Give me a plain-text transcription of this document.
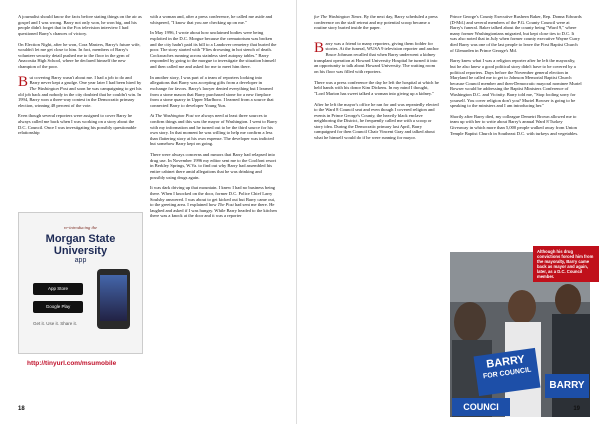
A journalist should know the facts before stating things on the air as gospel and I was wrong. Barry not only won, he won big, and his people didn't forget that in the Fox television interview I had questioned Barry's chances of victory.

On Election Night, after he won, Cora Masters, Barry's future wife, wouldn't let me get close to him. In fact, members of Barry's volunteer security detail pushed me to the floor in the gym of Anacostia High School, where he declared himself the new champion of the poor.

But covering Barry wasn't about me. I had a job to do and Barry never kept a grudge. One year later I had been hired by The Washington Post and soon he was campaigning to get his old job back and nobody in the city doubted that he couldn't win. In 1994, Barry won a three-way contest in the Democratic primary election, winning 48 percent of the vote.

Even though several reporters were assigned to cover Barry he always called me back when I was working on a story about the D.C. Council. Once I was investigating his possibly questionable relationship

re-introducing the
Morgan State University
app
App Store
Google Play
Get it. Use it. Share it.
http://tinyurl.com/msumobile

with a woman and, after a press conference, he called me aside and whispered, "I know that you are checking up on me."

In May 1996, I wrote about how unclaimed bodies were being exploited in the D.C. Morgue because the crematorium was broken and the city hadn't paid its bill to a Landover cemetery that buried the poor. The story started with "Flies drowning in hot stench of death. Cockroaches running across stainless steel autopsy tables." Barry responded by going to the morgue to investigate the situation himself and then called me and asked for me to meet him there.

In another story, I was part of a team of reporters looking into allegations that Barry was accepting gifts from a developer in exchange for favors. Barry's lawyer denied everything but I learned from a stone mason that Barry purchased stone for a new fireplace from a stone quarry in Upper Marlboro. I learned from a source that connected Barry to developer Young Yun.

At The Washington Post we always need at least three sources to confirm things and this was the mayor of Washington. I went to Barry with my information and he turned out to be the third source for his own story. In that moment he was willing to help me confirm a less than flattering story at his own expense. The developer was indicted but somehow Barry kept on going.

There were always concerns and rumors that Barry had relapsed into drug use. In November 1996 my editor sent me to the Coolfont resort in Berkley Springs, W.Va. to find out why Barry had assembled his entire cabinet there amid allegations that he was drinking and possibly using drugs again.

It was dark driving up that mountain. I knew I had no business being there. When I knocked on the door, former D.C. Police Chief Larry Soulsby answered. I was about to get kicked out but Barry came out, to the greeting area. I explained how The Post had sent me there. He laughed and asked if I was hungry. While Barry headed to the kitchen there was a knock at the door and it was a reporter

18

for The Washington Times. By the next day, Barry scheduled a press conference on the staff retreat and my potential scoop became a routine story buried inside the paper.

Barry was a friend to many reporters, giving them fodder for stories. At the funeral, WUSA 9 television reporter and anchor Bruce Johnson recalled that when Barry underwent a kidney transplant operation at Howard University Hospital he turned it into an opportunity to talk about Howard University. The waiting room on his floor was filled with reporters.

There was a press conference the day he left the hospital at which he held hands with his donor Kim Dickens. In my mind I thought, "Lord Marion has sweet talked a woman into giving up a kidney."

After he left the mayor's office he ran for and was repeatedly elected to the Ward 8 Council seat and even though I covered religion and events in Prince George's County, the heavily black enclave neighboring the District, he frequently called me with a scoop or story idea. During the Democratic primary last April, Barry campaigned for then Council Chair Vincent Gray and talked about what he himself would do if he were running for mayor.

Prince George's County Executive Rushern Baker, Rep. Donna Edwards (D-Md.) and several members of the P.G. County Council were at Barry's funeral. Baker talked about the county being "Ward 9," where many former Washingtonians migrated, but kept close ties to D.C. It was also noted that in July when former county executive Wayne Curry died Barry was one of the last people to leave the First Baptist Church of Glenarden in Prince George's Md.

Barry knew what I was a religion reporter after he left the mayoralty, but he also knew a good political story didn't have to be covered by a political reporters. Days before the November general election in Maryland he called me to get to Johnson Memorial Baptist Church because Council member and then-Democratic mayoral nominee Muriel Bowser would be addressing the Baptist Ministers Conference of Washington D.C. and Vicinity. Barry told me, "Stop fooling sorry for yourself. You cover religion don't you? Muriel Bowser is going to be speaking to the ministers and I am introducing her."

Shortly after Barry died, my colleague Demetri Brown allowed me to team up with her to write about Barry's annual Ward 8 Turkey Giveaway in which more than 5,000 people walked away from Union Temple Baptist Church in Southeast D.C. with turkeys and vegetables.

BARRY
FOR COUNCIL
BARRY
COUNCI
Although his drug convictions forced him from the mayoralty, Barry came back as mayor and again, later, as a D.C. Council member.
19
